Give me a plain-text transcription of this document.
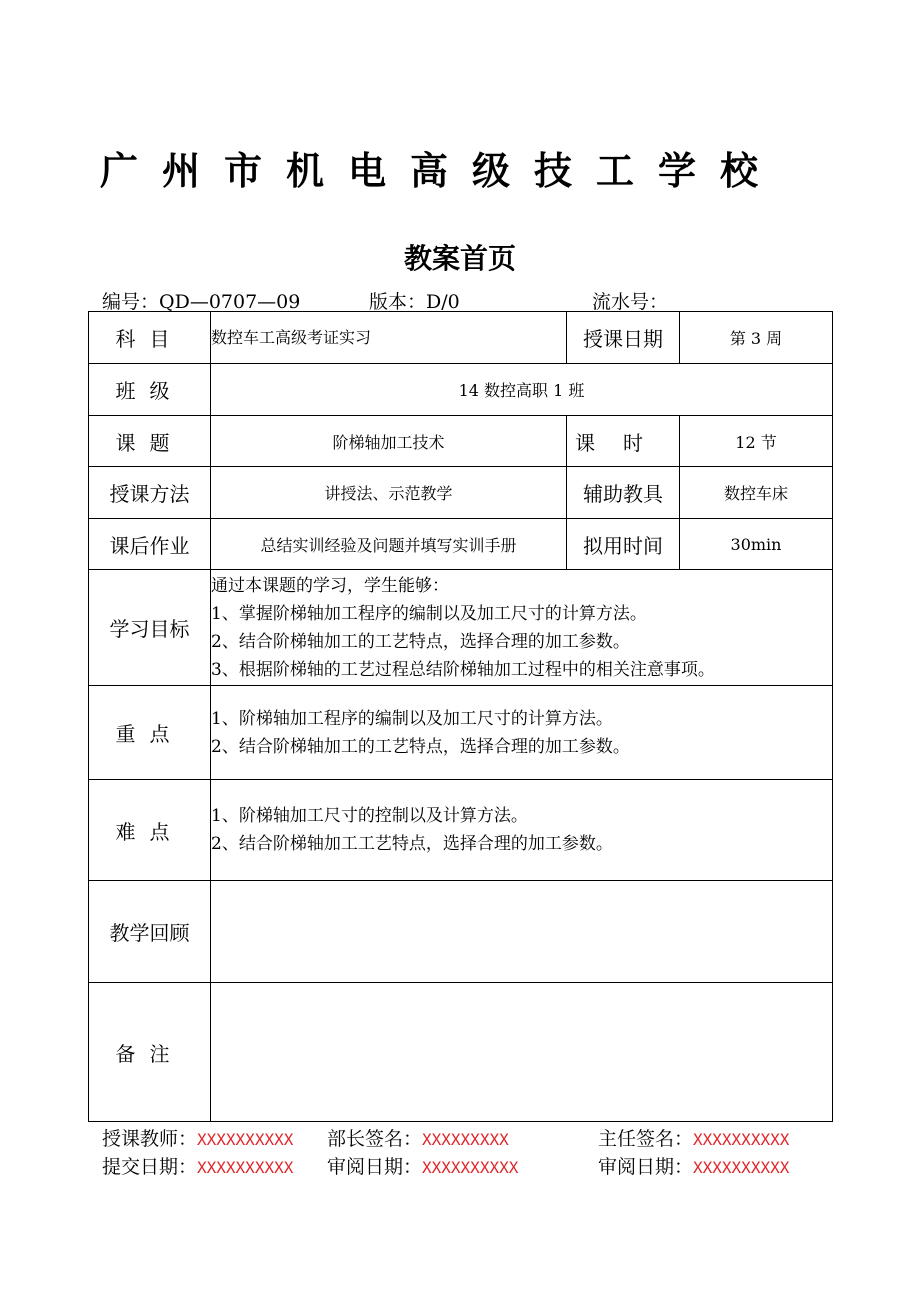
广州市机电高级技工学校
教案首页
编号：QD—0707—09	版本：D/0	流水号：
科目	数控车工高级考证实习	授课日期	第 3 周
班级	14 数控高职 1 班		
课题	阶梯轴加工技术	课时	12 节
授课方法	讲授法、示范教学	辅助教具	数控车床
课后作业	总结实训经验及问题并填写实训手册	拟用时间	30min
学习目标	通过本课题的学习，学生能够：
1、掌握阶梯轴加工程序的编制以及加工尺寸的计算方法。
2、结合阶梯轴加工的工艺特点，选择合理的加工参数。
3、根据阶梯轴的工艺过程总结阶梯轴加工过程中的相关注意事项。		

重点	1、阶梯轴加工程序的编制以及加工尺寸的计算方法。
2、结合阶梯轴加工的工艺特点，选择合理的加工参数。		

难点	1、阶梯轴加工尺寸的控制以及计算方法。
2、结合阶梯轴加工工艺特点，选择合理的加工参数。		

教学回顾			
备注			
授课教师：XXXXXXXXXX 部长签名：XXXXXXXXX	主任签名：XXXXXXXXXX
提交日期：XXXXXXXXXX 审阅日期：XXXXXXXXXX	审阅日期：XXXXXXXXXX
